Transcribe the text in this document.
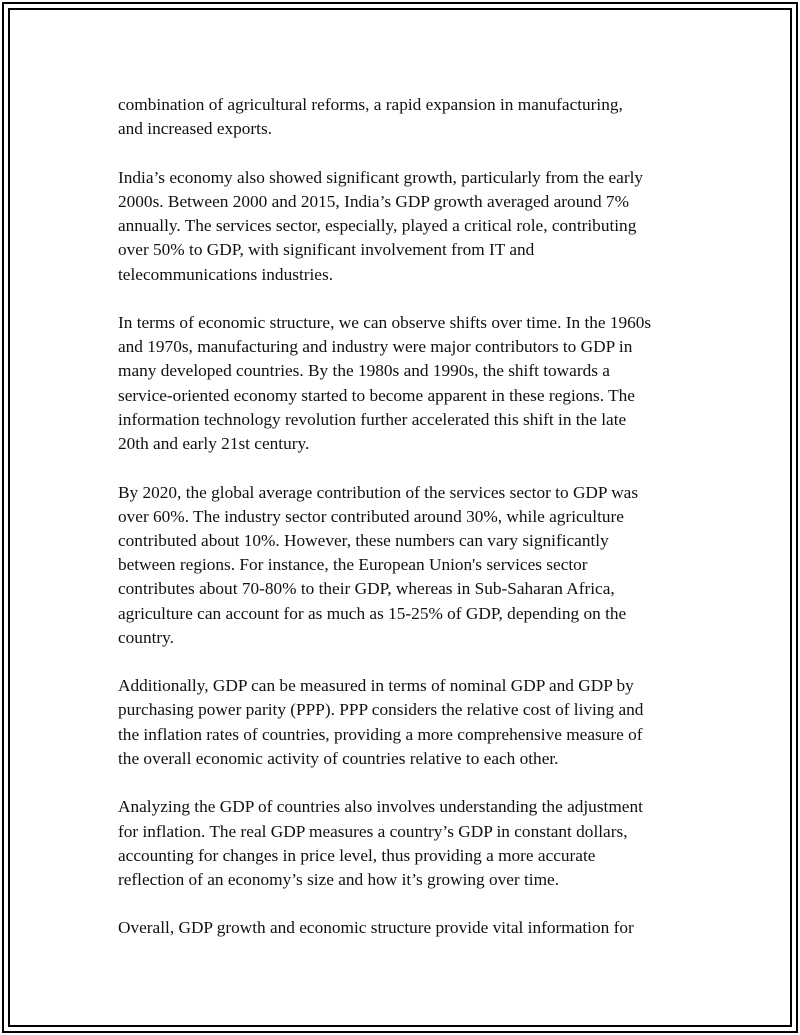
combination of agricultural reforms, a rapid expansion in manufacturing,
and increased exports.

India’s economy also showed significant growth, particularly from the early
2000s. Between 2000 and 2015, India’s GDP growth averaged around 7%
annually. The services sector, especially, played a critical role, contributing
over 50% to GDP, with significant involvement from IT and
telecommunications industries.

In terms of economic structure, we can observe shifts over time. In the 1960s
and 1970s, manufacturing and industry were major contributors to GDP in
many developed countries. By the 1980s and 1990s, the shift towards a
service-oriented economy started to become apparent in these regions. The
information technology revolution further accelerated this shift in the late
20th and early 21st century.

By 2020, the global average contribution of the services sector to GDP was
over 60%. The industry sector contributed around 30%, while agriculture
contributed about 10%. However, these numbers can vary significantly
between regions. For instance, the European Union's services sector
contributes about 70-80% to their GDP, whereas in Sub-Saharan Africa,
agriculture can account for as much as 15-25% of GDP, depending on the
country.

Additionally, GDP can be measured in terms of nominal GDP and GDP by
purchasing power parity (PPP). PPP considers the relative cost of living and
the inflation rates of countries, providing a more comprehensive measure of
the overall economic activity of countries relative to each other.

Analyzing the GDP of countries also involves understanding the adjustment
for inflation. The real GDP measures a country’s GDP in constant dollars,
accounting for changes in price level, thus providing a more accurate
reflection of an economy’s size and how it’s growing over time.

Overall, GDP growth and economic structure provide vital information for
